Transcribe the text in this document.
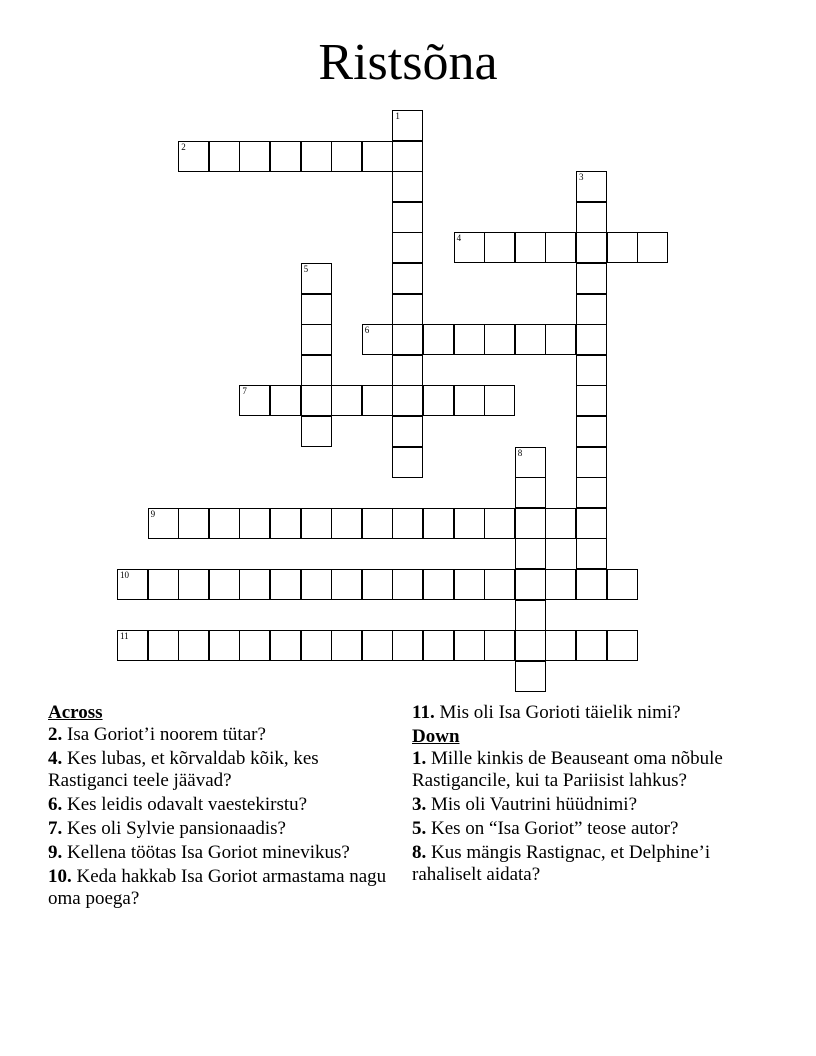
Ristsõna
1
2
3
4
5
6
7
8
9
10
11
Across
2. Isa Goriot’i noorem tütar?
4. Kes lubas, et kõrvaldab kõik, kes Rastiganci teele jäävad?
6. Kes leidis odavalt vaestekirstu?
7. Kes oli Sylvie pansionaadis?
9. Kellena töötas Isa Goriot minevikus?
10. Keda hakkab Isa Goriot armastama nagu oma poega?
11. Mis oli Isa Gorioti täielik nimi?
Down
1. Mille kinkis de Beauseant oma nõbule Rastigancile, kui ta Pariisist lahkus?
3. Mis oli Vautrini hüüdnimi?
5. Kes on “Isa Goriot” teose autor?
8. Kus mängis Rastignac, et Delphine’i rahaliselt aidata?
